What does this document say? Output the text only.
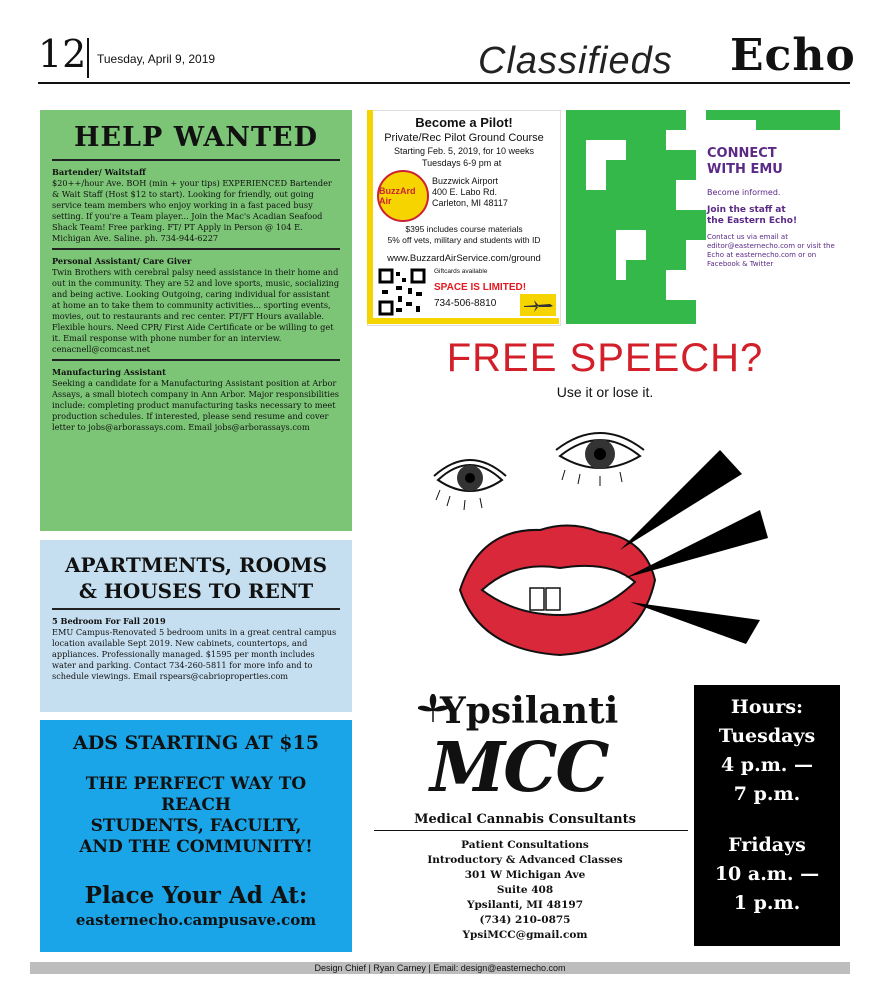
12 Tuesday, April 9, 2019	Classifieds Echo
HELP WANTED

Bartender/ Waitstaff

$20++/hour Ave. BOH (min + your tips) EXPERIENCED Bartender & Wait Staff (Host $12 to start). Looking for friendly, out going service team members who enjoy working in a fast paced busy setting. If you're a Team player... Join the Mac's Acadian Seafood Shack Team! Free parking. FT/ PT Apply in Person @ 104 E. Michigan Ave. Saline. ph. 734-944-6227

Personal Assistant/ Care Giver

Twin Brothers with cerebral palsy need assistance in their home and out in the community. They are 52 and love sports, music, socializing and being active. Looking Outgoing, caring individual for assistant at home an to take them to community activities... sporting events, movies, out to restaurants and rec center. PT/FT Hours available. Flexible hours. Need CPR/ First Aide Certificate or be willing to get it. Email response with phone number for an interview. cenacnell@comcast.net

Manufacturing Assistant

Seeking a candidate for a Manufacturing Assistant position at Arbor Assays, a small biotech company in Ann Arbor. Major responsibilities include: completing product manufacturing tasks necessary to meet production schedules. If interested, please send resume and cover letter to jobs@arborassays.com. Email jobs@arborassays.com

APARTMENTS, ROOMS
& HOUSES TO RENT

5 Bedroom For Fall 2019

EMU Campus-Renovated 5 bedroom units in a great central campus location available Sept 2019. New cabinets, countertops, and appliances. Professionally managed. $1595 per month includes water and parking. Contact 734-260-5811 for more info and to schedule viewings. Email rspears@cabrioproperties.com

ADS STARTING AT $15
THE PERFECT WAY TO
REACH
STUDENTS, FACULTY,
AND THE COMMUNITY!
Place Your Ad At:
easternecho.campusave.com
Become a Pilot!
Private/Rec Pilot Ground Course
Starting Feb. 5, 2019, for 10 weeks
Tuesdays 6-9 pm at
BuzzArd Air
Buzzwick Airport
400 E. Labo Rd.
Carleton, MI 48117
$395 includes course materials
5% off vets, military and students with ID
www.BuzzardAirService.com/ground
Giftcards available
SPACE IS LIMITED!
734-506-8810
CONNECT
WITH EMU
Become informed.
Join the staff at
the Eastern Echo!
Contact us via email at editor@easternecho.com or visit the Echo at easternecho.com or on Facebook & Twitter
FREE SPEECH?
Use it or lose it.
Ypsilanti
MCC
Medical Cannabis Consultants
Patient Consultations
Introductory & Advanced Classes
301 W Michigan Ave
Suite 408
Ypsilanti, MI 48197
(734) 210-0875
YpsiMCC@gmail.com
Hours:
Tuesdays
4 p.m. —
7 p.m.
Fridays
10 a.m. —
1 p.m.
Design Chief | Ryan Carney | Email: design@easternecho.com
